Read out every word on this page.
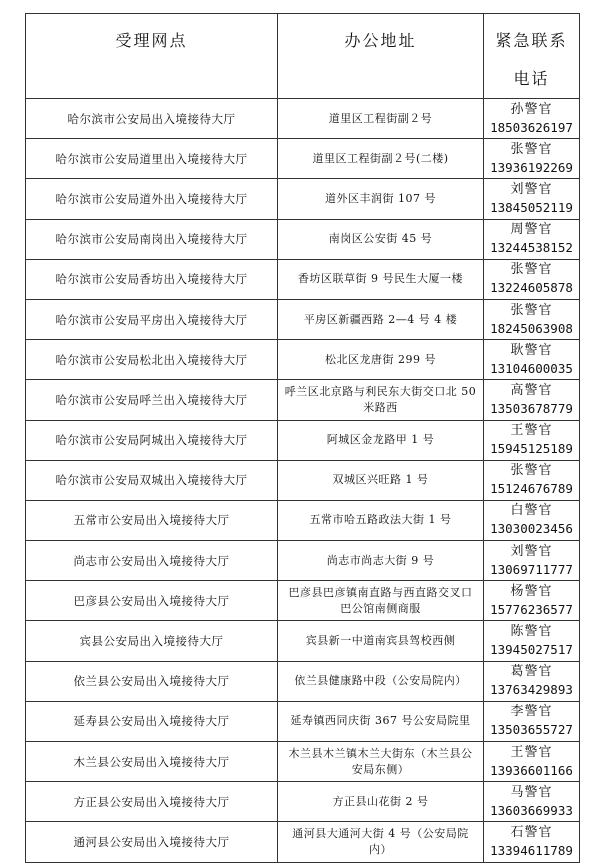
受理网点	办公地址	紧急联系
电话

哈尔滨市公安局出入境接待大厅	道里区工程街副２号	孙警官
18503626197

哈尔滨市公安局道里出入境接待大厅	道里区工程街副２号(二楼)	张警官
13936192269

哈尔滨市公安局道外出入境接待大厅	道外区丰润街 107 号	刘警官
13845052119

哈尔滨市公安局南岗出入境接待大厅	南岗区公安街 45 号	周警官
13244538152

哈尔滨市公安局香坊出入境接待大厅	香坊区联草街 9 号民生大厦一楼	张警官
13224605878

哈尔滨市公安局平房出入境接待大厅	平房区新疆西路 2—4 号 4 楼	张警官
18245063908

哈尔滨市公安局松北出入境接待大厅	松北区龙唐街 299 号	耿警官
13104600035

哈尔滨市公安局呼兰出入境接待大厅	呼兰区北京路与利民东大街交口北 50 米路西	高警官
13503678779

哈尔滨市公安局阿城出入境接待大厅	阿城区金龙路甲 1 号	王警官
15945125189

哈尔滨市公安局双城出入境接待大厅	双城区兴旺路 1 号	张警官
15124676789

五常市公安局出入境接待大厅	五常市哈五路政法大街 1 号	白警官
13030023456

尚志市公安局出入境接待大厅	尚志市尚志大街 9 号	刘警官
13069711777

巴彦县公安局出入境接待大厅	巴彦县巴彦镇南直路与西直路交叉口巴公馆南侧商服	杨警官
15776236577

宾县公安局出入境接待大厅	宾县新一中道南宾县驾校西侧	陈警官
13945027517

依兰县公安局出入境接待大厅	依兰县健康路中段（公安局院内）	葛警官
13763429893

延寿县公安局出入境接待大厅	延寿镇西同庆街 367 号公安局院里	李警官
13503655727

木兰县公安局出入境接待大厅	木兰县木兰镇木兰大街东（木兰县公安局东侧）	王警官
13936601166

方正县公安局出入境接待大厅	方正县山花街 2 号	马警官
13603669933

通河县公安局出入境接待大厅	通河县大通河大街 4 号（公安局院内）	石警官
13394611789
